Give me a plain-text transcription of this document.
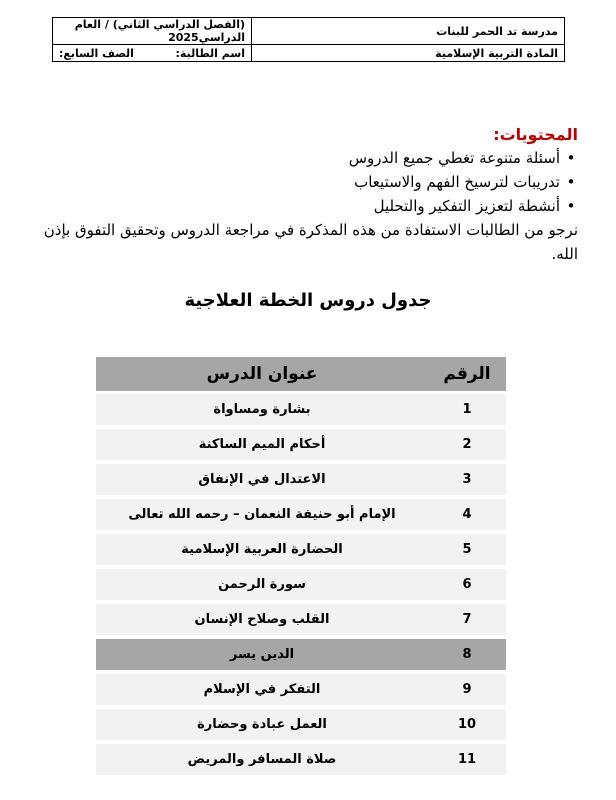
مدرسة تد الحمر للبنات	(الفصل الدراسي الثاني) / العام الدراسي2025
المادة التربية الإسلامية	اسم الطالبة:
الصف السابع:
المحتويات:
•أسئلة متنوعة تغطي جميع الدروس
•تدريبات لترسيخ الفهم والاستيعاب
•أنشطة لتعزيز التفكير والتحليل

نرجو من الطالبات الاستفادة من هذه المذكرة في مراجعة الدروس وتحقيق التفوق بإذن الله.

جدول دروس الخطة العلاجية
الرقم	عنوان الدرس
1	بشارة ومساواة
2	أحكام الميم الساكنة
3	الاعتدال في الإنفاق
4	الإمام أبو حنيفة النعمان – رحمه الله تعالى
5	الحضارة العربية الإسلامية
6	سورة الرحمن
7	القلب وصلاح الإنسان
8	الدين يسر
9	التفكر في الإسلام
10	العمل عبادة وحضارة
11	صلاة المسافر والمريض
